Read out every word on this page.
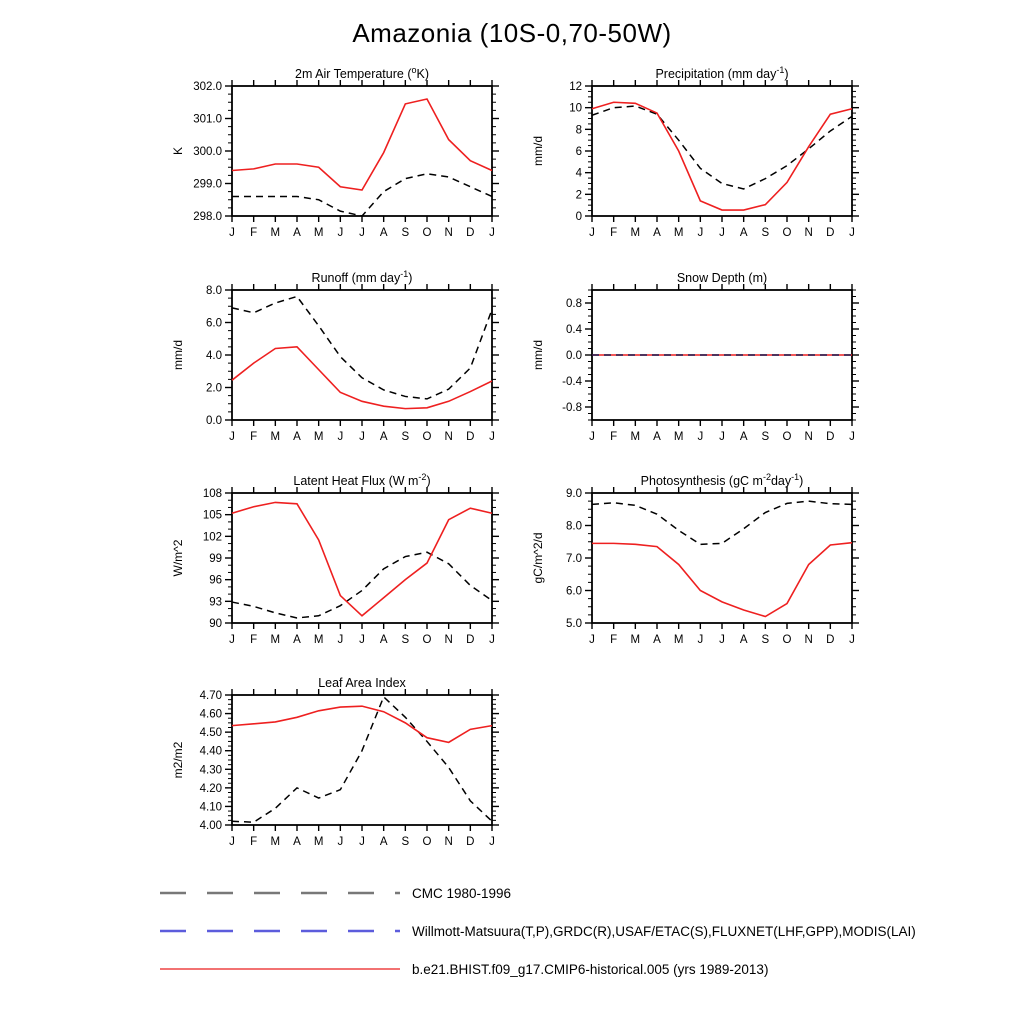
Amazonia (10S-0,70-50W)
2m Air Temperature ($^o$K)
K
J F M A M J J A S O N D J
298.0
299.0
300.0
301.0
302.0
Precipitation (mm day$^{-1}$)
mm/d
J F M A M J J A S O N D J
0
2
4
6
8
10
12
Runoff (mm day$^{-1}$)
mm/d
J F M A M J J A S O N D J
0.0
2.0
4.0
6.0
8.0
Snow Depth (m)
mm/d
J F M A M J J A S O N D J
-0.8
-0.4
0.0
0.4
0.8
Latent Heat Flux (W $m^{-2}$)
W/m^2
J F M A M J J A S O N D J
90
93
96
99
102
105
108
Photosynthesis (gC $m^{-2}day^{-1}$)
gC/m^2/d
J F M A M J J A S O N D J
5.0
6.0
7.0
8.0
9.0
Leaf Area Index
m2/m2
J F M A M J J A S O N D J
4.00
4.10
4.20
4.30
4.40
4.50
4.60
4.70
CMC 1980-1996
Willmott-Matsuura(T,P),GRDC(R),USAF/ETAC(S),FLUXNET(LHF,GPP),MODIS(LAI)
b.e21.BHIST.f09_g17.CMIP6-historical.005 (yrs 1989-2013)
